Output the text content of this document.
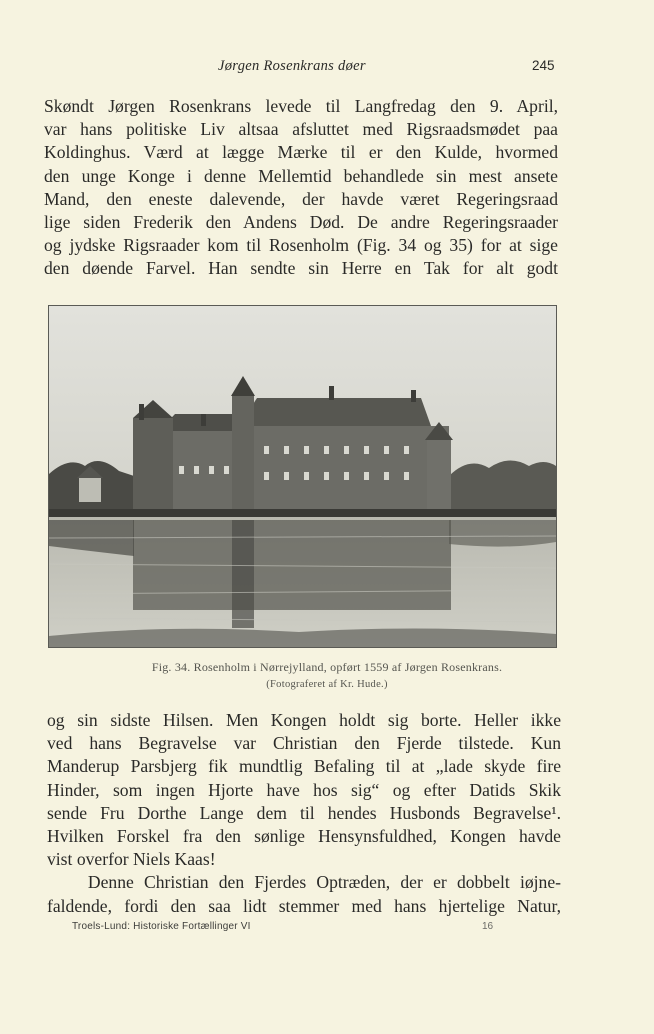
Jørgen Rosenkrans døer	245

Skøndt Jørgen Rosenkrans levede til Langfredag den 9. April,
var hans politiske Liv altsaa afsluttet med Rigsraadsmødet paa
Koldinghus. Værd at lægge Mærke til er den Kulde, hvormed
den unge Konge i denne Mellemtid behandlede sin mest ansete
Mand, den eneste dalevende, der havde været Regeringsraad
lige siden Frederik den Andens Død. De andre Regeringsraader
og jydske Rigsraader kom til Rosenholm (Fig. 34 og 35) for at sige
den døende Farvel. Han sendte sin Herre en Tak for alt godt

Fig. 34. Rosenholm i Nørrejylland, opført 1559 af Jørgen Rosenkrans.
(Fotograferet af Kr. Hude.)

og sin sidste Hilsen. Men Kongen holdt sig borte. Heller ikke
ved hans Begravelse var Christian den Fjerde tilstede. Kun
Manderup Parsbjerg fik mundtlig Befaling til at „lade skyde fire
Hinder, som ingen Hjorte have hos sig“ og efter Datids Skik
sende Fru Dorthe Lange dem til hendes Husbonds Begravelse¹.
Hvilken Forskel fra den sønlige Hensynsfuldhed, Kongen havde
vist overfor Niels Kaas!
Denne Christian den Fjerdes Optræden, der er dobbelt iøjne-
faldende, fordi den saa lidt stemmer med hans hjertelige Natur,

Troels-Lund: Historiske Fortællinger VI	16
